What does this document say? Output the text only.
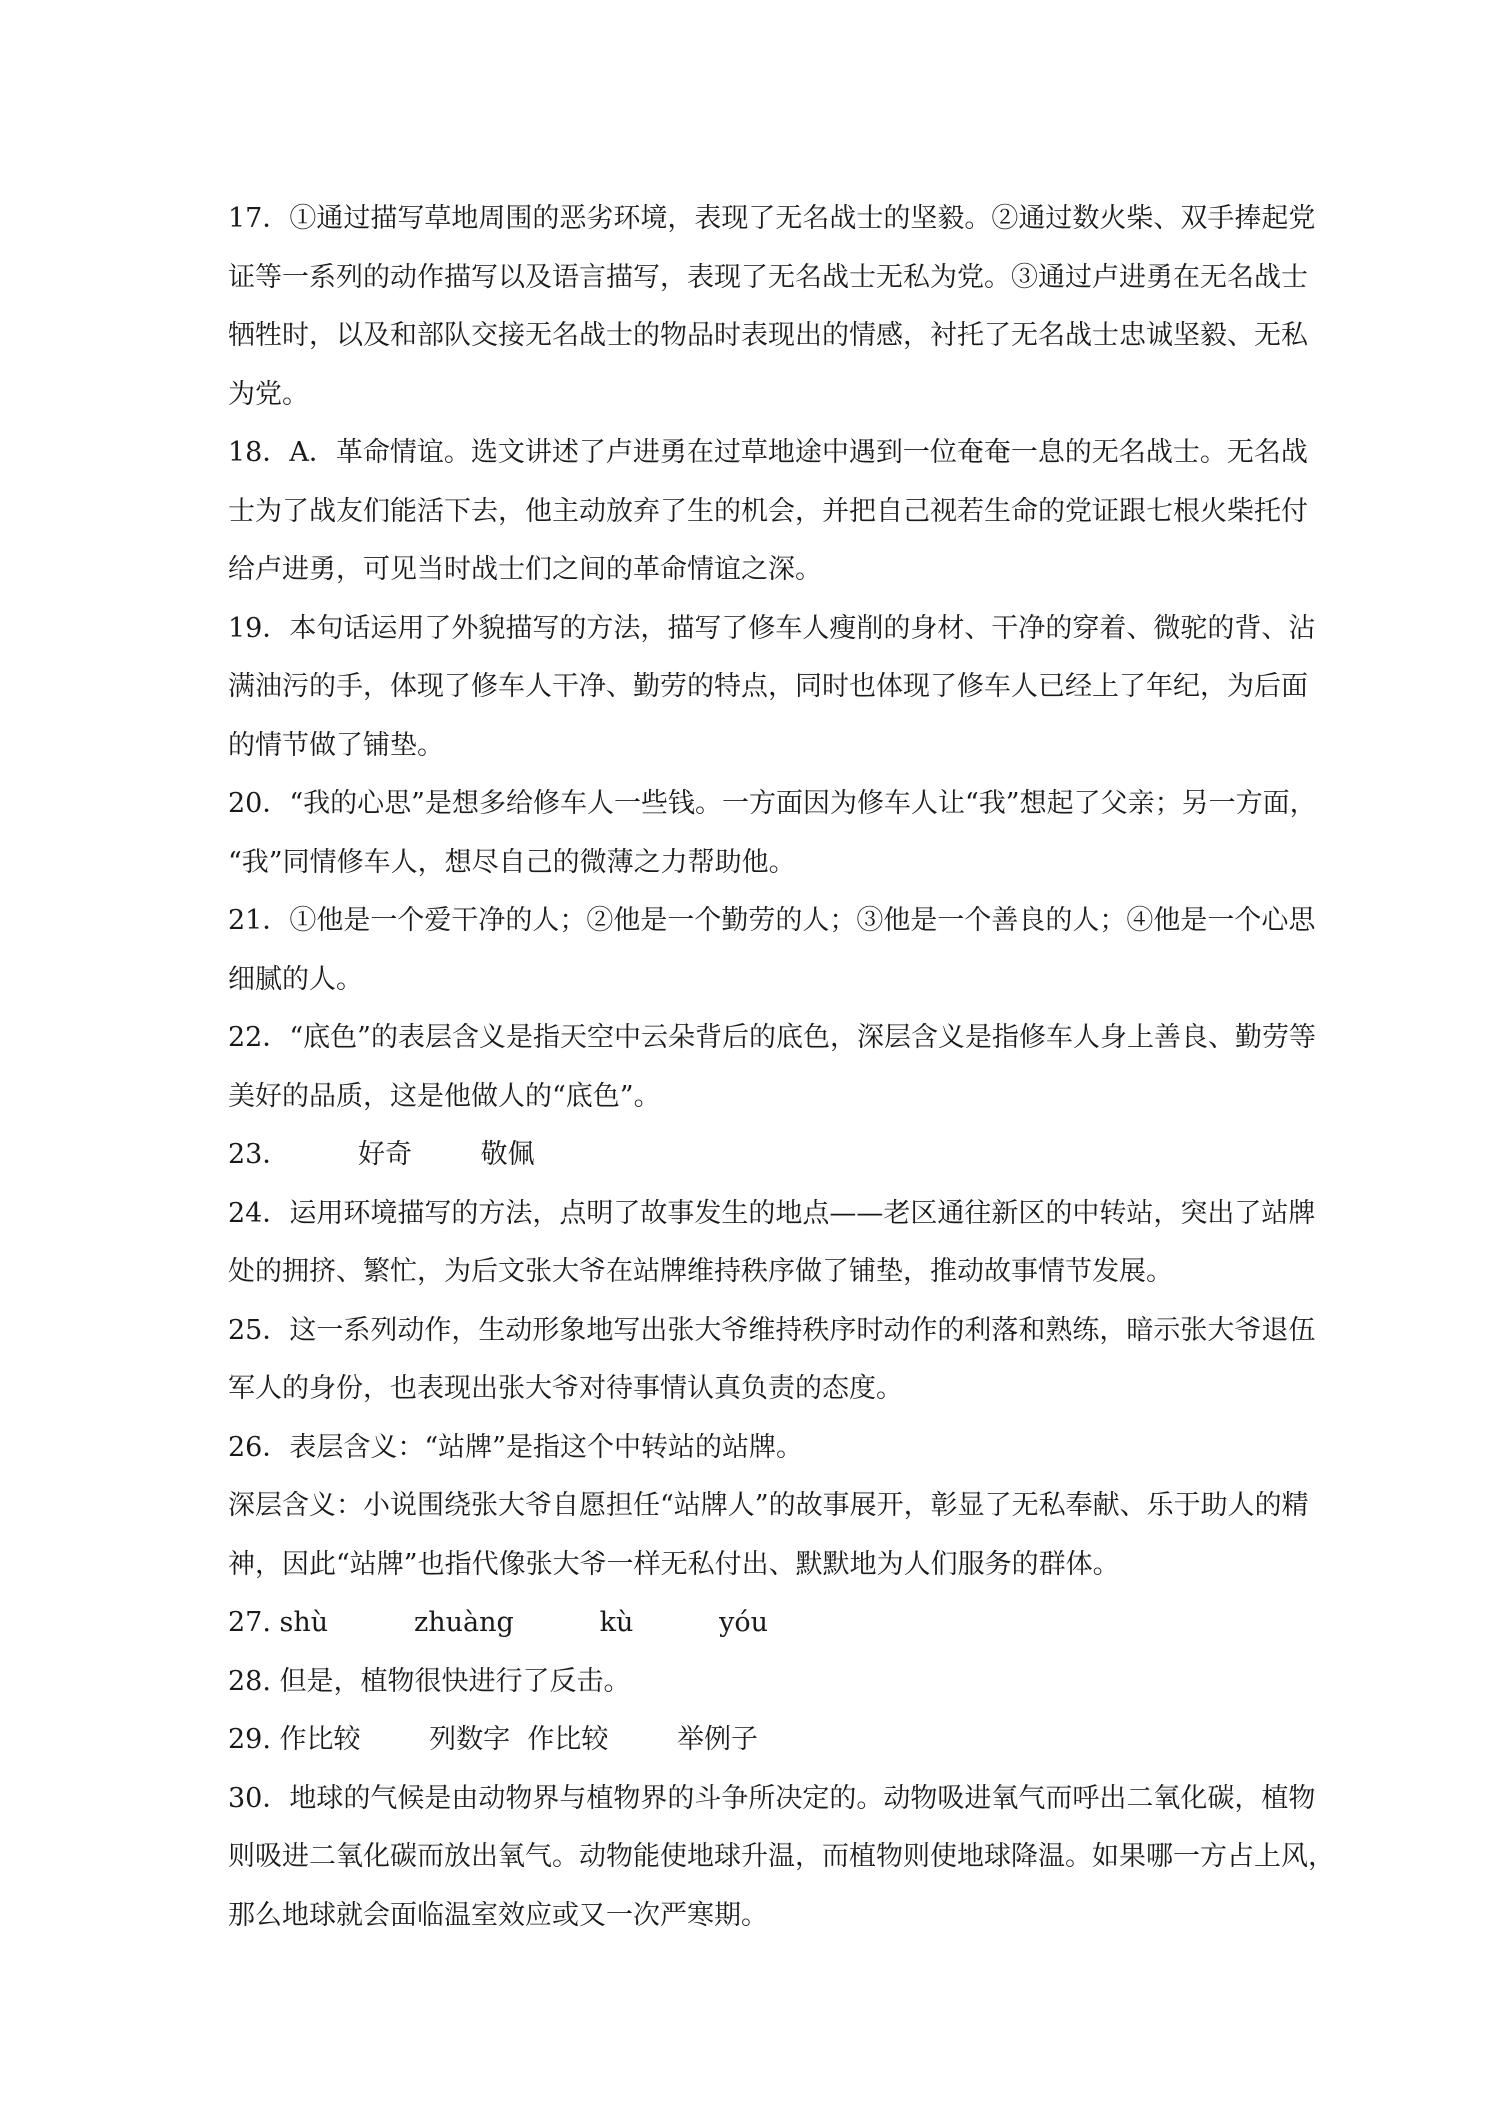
17．①通过描写草地周围的恶劣环境，表现了无名战士的坚毅。②通过数火柴、双手捧起党

证等一系列的动作描写以及语言描写，表现了无名战士无私为党。③通过卢进勇在无名战士

牺牲时，以及和部队交接无名战士的物品时表现出的情感，衬托了无名战士忠诚坚毅、无私

为党。

18．A．革命情谊。选文讲述了卢进勇在过草地途中遇到一位奄奄一息的无名战士。无名战

士为了战友们能活下去，他主动放弃了生的机会，并把自己视若生命的党证跟七根火柴托付

给卢进勇，可见当时战士们之间的革命情谊之深。

19．本句话运用了外貌描写的方法，描写了修车人瘦削的身材、干净的穿着、微驼的背、沾

满油污的手，体现了修车人干净、勤劳的特点，同时也体现了修车人已经上了年纪，为后面

的情节做了铺垫。

20．“我的心思”是想多给修车人一些钱。一方面因为修车人让“我”想起了父亲；另一方面，

“我”同情修车人，想尽自己的微薄之力帮助他。

21．①他是一个爱干净的人；②他是一个勤劳的人；③他是一个善良的人；④他是一个心思

细腻的人。

22．“底色”的表层含义是指天空中云朵背后的底色，深层含义是指修车人身上善良、勤劳等

美好的品质，这是他做人的“底色”。

23．        好奇        敬佩

24．运用环境描写的方法，点明了故事发生的地点——老区通往新区的中转站，突出了站牌

处的拥挤、繁忙，为后文张大爷在站牌维持秩序做了铺垫，推动故事情节发展。

25．这一系列动作，生动形象地写出张大爷维持秩序时动作的利落和熟练，暗示张大爷退伍

军人的身份，也表现出张大爷对待事情认真负责的态度。

26．表层含义：“站牌”是指这个中转站的站牌。

深层含义：小说围绕张大爷自愿担任“站牌人”的故事展开，彰显了无私奉献、乐于助人的精

神，因此“站牌”也指代像张大爷一样无私付出、默默地为人们服务的群体。

27. shù          zhuàng          kù          yóu

28. 但是，植物很快进行了反击。

29. 作比较        列数字  作比较        举例子

30．地球的气候是由动物界与植物界的斗争所决定的。动物吸进氧气而呼出二氧化碳，植物

则吸进二氧化碳而放出氧气。动物能使地球升温，而植物则使地球降温。如果哪一方占上风，

那么地球就会面临温室效应或又一次严寒期。
